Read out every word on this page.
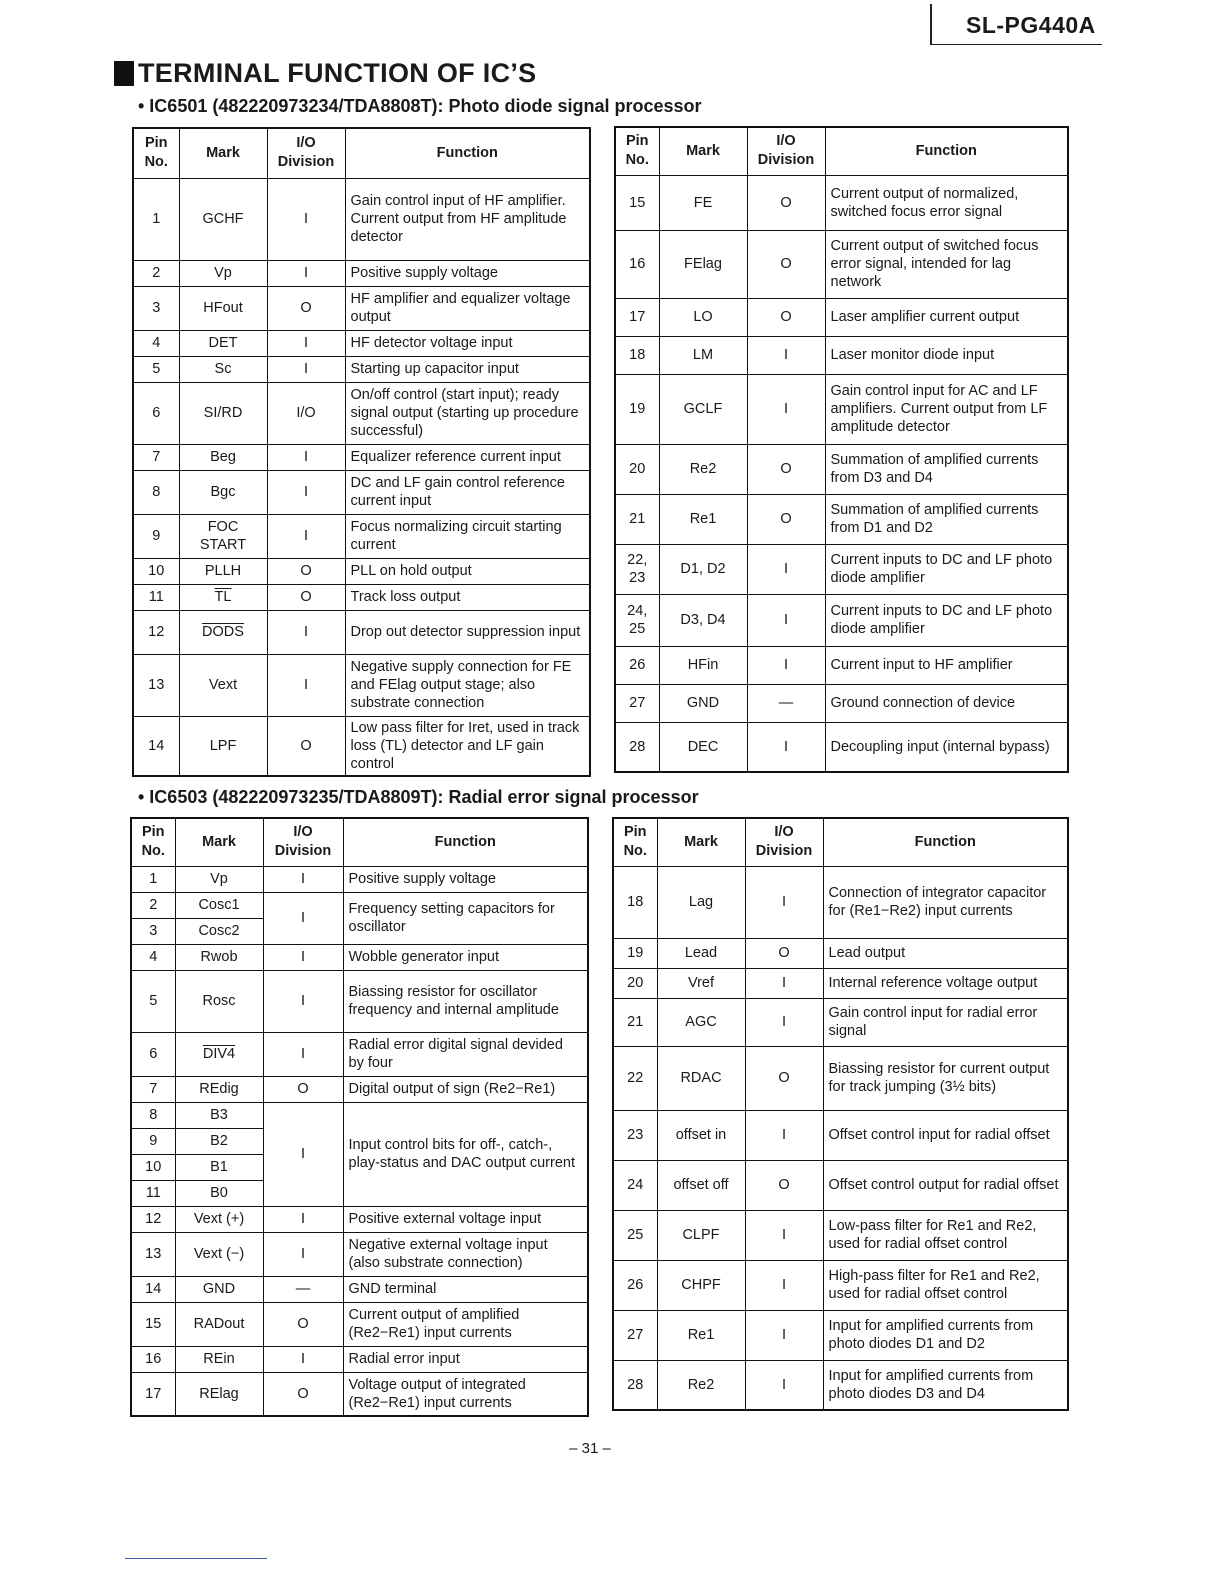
SL-PG440A
TERMINAL FUNCTION OF IC’S
• IC6501 (482220973234/TDA8808T): Photo diode signal processor
Pin No.	Mark	I/O Division	Function
1	GCHF	I	Gain control input of HF amplifier.
Current output from HF amplitude detector
2	Vp	I	Positive supply voltage
3	HFout	O	HF amplifier and equalizer voltage output
4	DET	I	HF detector voltage input
5	Sc	I	Starting up capacitor input
6	SI/RD	I/O	On/off control (start input); ready signal output (starting up procedure successful)
7	Beg	I	Equalizer reference current input
8	Bgc	I	DC and LF gain control reference current input
9	FOC START	I	Focus normalizing circuit starting current
10	PLLH	O	PLL on hold output
11	$\overline{TL}$	O	Track loss output
12	DODS	I	Drop out detector suppression input
13	Vext	I	Negative supply connection for FE and FElag output stage; also substrate connection
14	LPF	O	Low pass filter for Iret, used in track loss (TL) detector and LF gain control
Pin No.	Mark	I/O Division	Function
15	FE	O	Current output of normalized, switched focus error signal
16	FElag	O	Current output of switched focus error signal, intended for lag network
17	LO	O	Laser amplifier current output
18	LM	I	Laser monitor diode input
19	GCLF	I	Gain control input for AC and LF amplifiers. Current output from LF amplitude detector
20	Re2	O	Summation of amplified currents from D3 and D4
21	Re1	O	Summation of amplified currents from D1 and D2
22, 23	D1, D2	I	Current inputs to DC and LF photo diode amplifier
24, 25	D3, D4	I	Current inputs to DC and LF photo diode amplifier
26	HFin	I	Current input to HF amplifier
27	GND	—	Ground connection of device
28	DEC	I	Decoupling input (internal bypass)
• IC6503 (482220973235/TDA8809T): Radial error signal processor
Pin No.	Mark	I/O Division	Function
1	Vp	I	Positive supply voltage
2	Cosc1	I	Frequency setting capacitors for oscillator
3	Cosc2		
4	Rwob	I	Wobble generator input
5	Rosc	I	Biassing resistor for oscillator frequency and internal amplitude
6	DIV4	I	Radial error digital signal devided by four
7	REdig	O	Digital output of sign (Re2−Re1)
8	B3	I	Input control bits for off-, catch-, play-status and DAC output current
9	B2		
10	B1		
11	B0		
12	Vext (+)	I	Positive external voltage input
13	Vext (−)	I	Negative external voltage input (also substrate connection)
14	GND	—	GND terminal
15	RADout	O	Current output of amplified (Re2−Re1) input currents
16	REin	I	Radial error input
17	RElag	O	Voltage output of integrated (Re2−Re1) input currents
Pin No.	Mark	I/O Division	Function
18	Lag	I	Connection of integrator capacitor for (Re1−Re2) input currents
19	Lead	O	Lead output
20	Vref	I	Internal reference voltage output
21	AGC	I	Gain control input for radial error signal
22	RDAC	O	Biassing resistor for current output for track jumping (3½ bits)
23	offset in	I	Offset control input for radial offset
24	offset off	O	Offset control output for radial offset
25	CLPF	I	Low-pass filter for Re1 and Re2, used for radial offset control
26	CHPF	I	High-pass filter for Re1 and Re2, used for radial offset control
27	Re1	I	Input for amplified currents from photo diodes D1 and D2
28	Re2	I	Input for amplified currents from photo diodes D3 and D4
– 31 –
